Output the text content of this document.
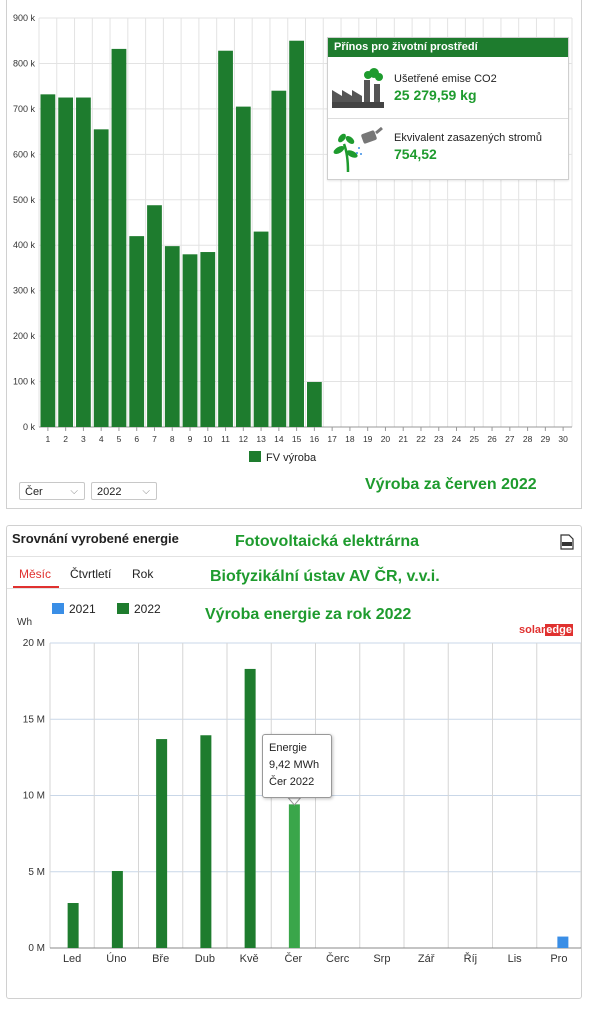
0 k
100 k
200 k
300 k
400 k
500 k
600 k
700 k
800 k
900 k
1 2 3 4 5 6 7 8 9 10 11 12 13 14 15 16 17 18 19 20 21 22 23 24 25 26 27 28 29 30
FV výroba
Přínos pro životní prostředí
Ušetřené emise CO2
25 279,59 kg
Ekvivalent zasazených stromů
754,52
Čer	⌵	2022 ⌵	Výroba za červen 2022
Srovnání vyrobené energie	Fotovoltaická elektrárna
Měsíc Čtvrtletí Rok	Biofyzikální ústav AV ČR, v.v.i.
Výroba energie za rok 2022
solaredge
Wh
0 M
5 M
10 M
15 M
20 M
Led Úno Bře Dub Kvě Čer Čerc Srp Zář	Říj	Lis	Pro
2021	2022
Energie
9,42 MWh
Čer 2022
